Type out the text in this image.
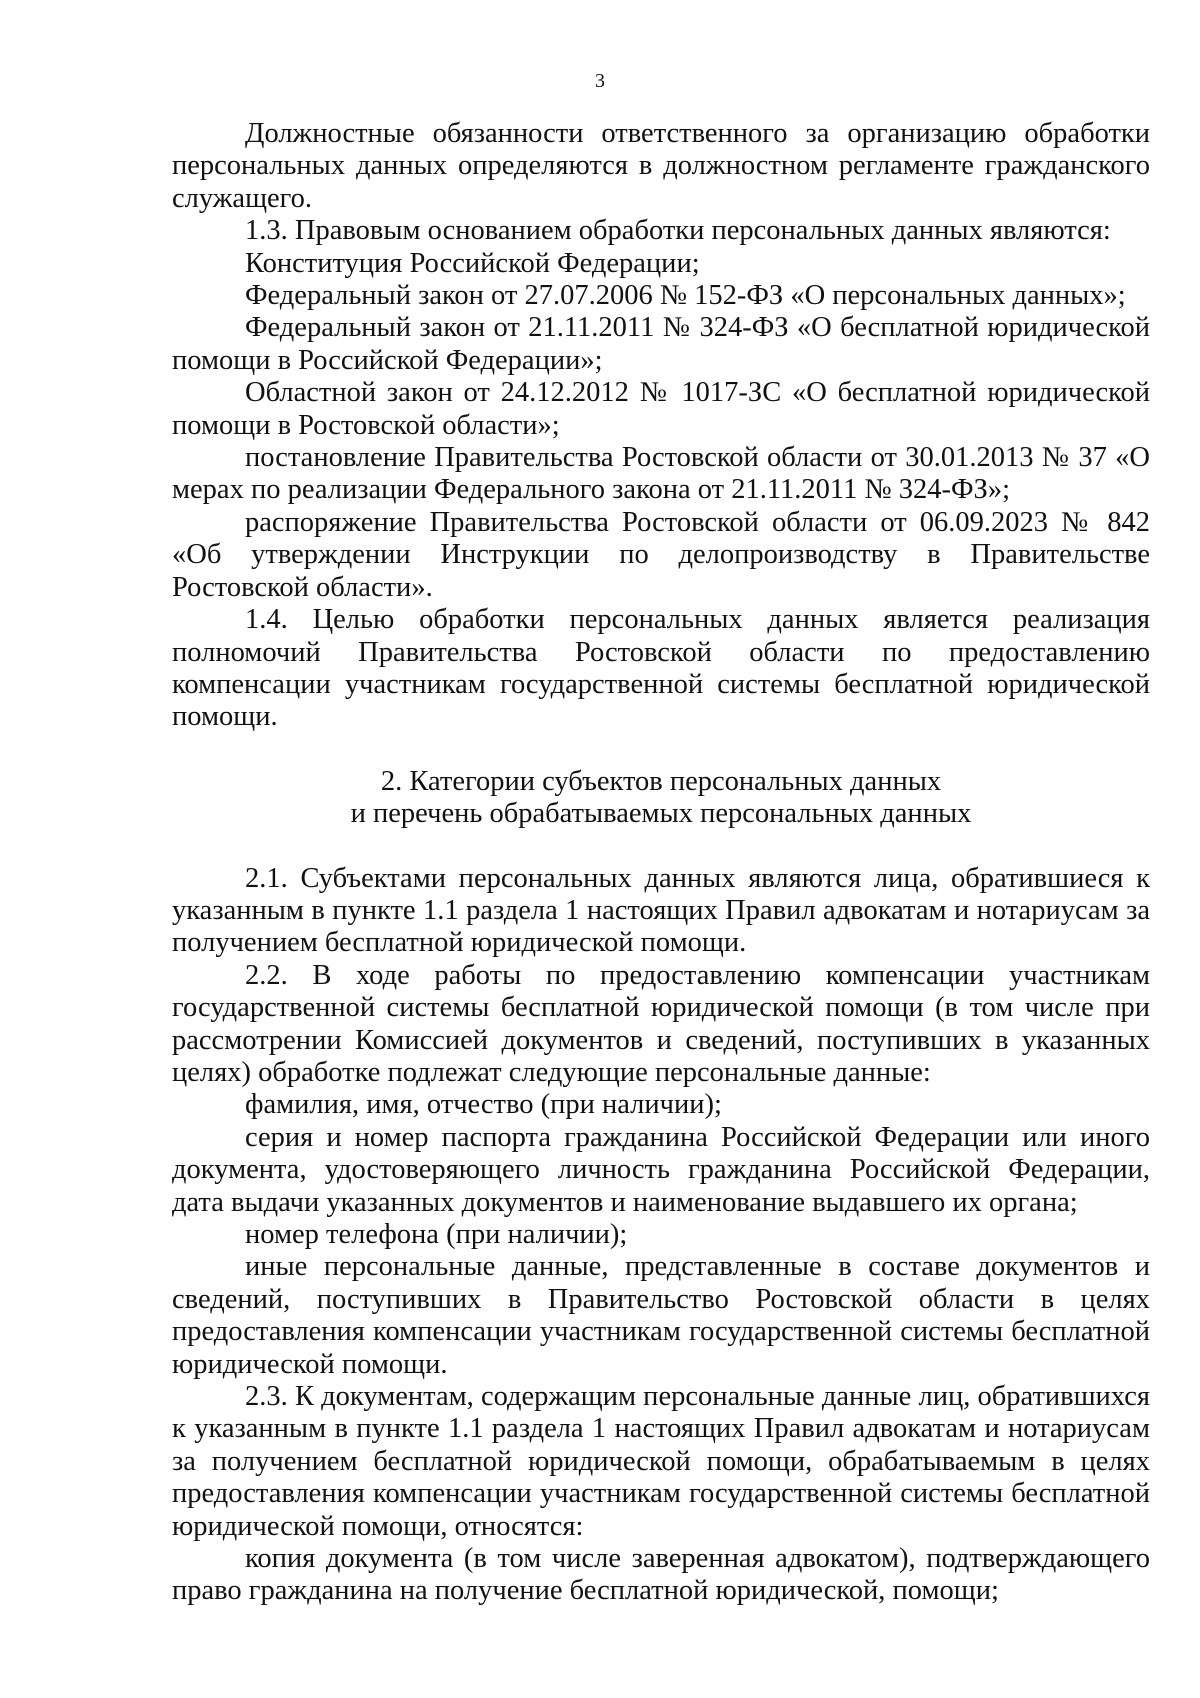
3

Должностные обязанности ответственного за организацию обработки персональных данных определяются в должностном регламенте гражданского служащего.

1.3. Правовым основанием обработки персональных данных являются:

Конституция Российской Федерации;

Федеральный закон от 27.07.2006 № 152-ФЗ «О персональных данных»;

Федеральный закон от 21.11.2011 № 324-ФЗ «О бесплатной юридической помощи в Российской Федерации»;

Областной закон от 24.12.2012 № 1017-ЗС «О бесплатной юридической помощи в Ростовской области»;

постановление Правительства Ростовской области от 30.01.2013 № 37 «О мерах по реализации Федерального закона от 21.11.2011 № 324-ФЗ»;

распоряжение Правительства Ростовской области от 06.09.2023 № 842 «Об утверждении Инструкции по делопроизводству в Правительстве Ростовской области».

1.4. Целью обработки персональных данных является реализация полномочий Правительства Ростовской области по предоставлению компенсации участникам государственной системы бесплатной юридической помощи.

2. Категории субъектов персональных данных
и перечень обрабатываемых персональных данных

2.1. Субъектами персональных данных являются лица, обратившиеся к указанным в пункте 1.1 раздела 1 настоящих Правил адвокатам и нотариусам за получением бесплатной юридической помощи.

2.2. В ходе работы по предоставлению компенсации участникам государственной системы бесплатной юридической помощи (в том числе при рассмотрении Комиссией документов и сведений, поступивших в указанных целях) обработке подлежат следующие персональные данные:

фамилия, имя, отчество (при наличии);

серия и номер паспорта гражданина Российской Федерации или иного документа, удостоверяющего личность гражданина Российской Федерации, дата выдачи указанных документов и наименование выдавшего их органа;

номер телефона (при наличии);

иные персональные данные, представленные в составе документов и сведений, поступивших в Правительство Ростовской области в целях предоставления компенсации участникам государственной системы бесплатной юридической помощи.

2.3. К документам, содержащим персональные данные лиц, обратившихся к указанным в пункте 1.1 раздела 1 настоящих Правил адвокатам и нотариусам за получением бесплатной юридической помощи, обрабатываемым в целях предоставления компенсации участникам государственной системы бесплатной юридической помощи, относятся:

копия документа (в том числе заверенная адвокатом), подтверждающего право гражданина на получение бесплатной юридической, помощи;
